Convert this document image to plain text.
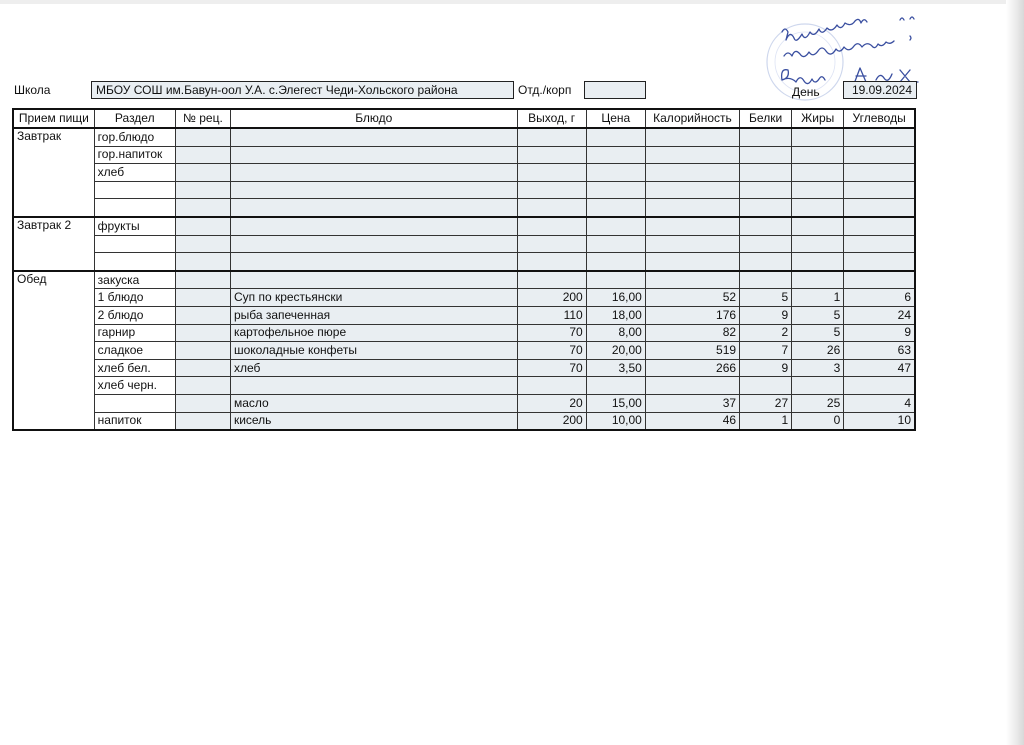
Школа	МБОУ СОШ им.Бавун-оол У.А. с.Элегест Чеди-Хольского района	Отд./корп	День	19.09.2024
Прием пищи	Раздел	№ рец.	Блюдо	Выход, г	Цена	Калорийность	Белки	Жиры	Углеводы
Завтрак	гор.блюдо								
	гор.напиток								
	хлеб								

Завтрак 2	фрукты								

Обед	закуска								
	1 блюдо		Суп по крестьянски	200	16,00	52	5	1	6
	2 блюдо		рыба запеченная	110	18,00	176	9	5	24
	гарнир		картофельное пюре	70	8,00	82	2	5	9
	сладкое		шоколадные конфеты	70	20,00	519	7	26	63
	хлеб бел.		хлеб	70	3,50	266	9	3	47
	хлеб черн.								
			масло	20	15,00	37	27	25	4
	напиток		кисель	200	10,00	46	1	0	10
